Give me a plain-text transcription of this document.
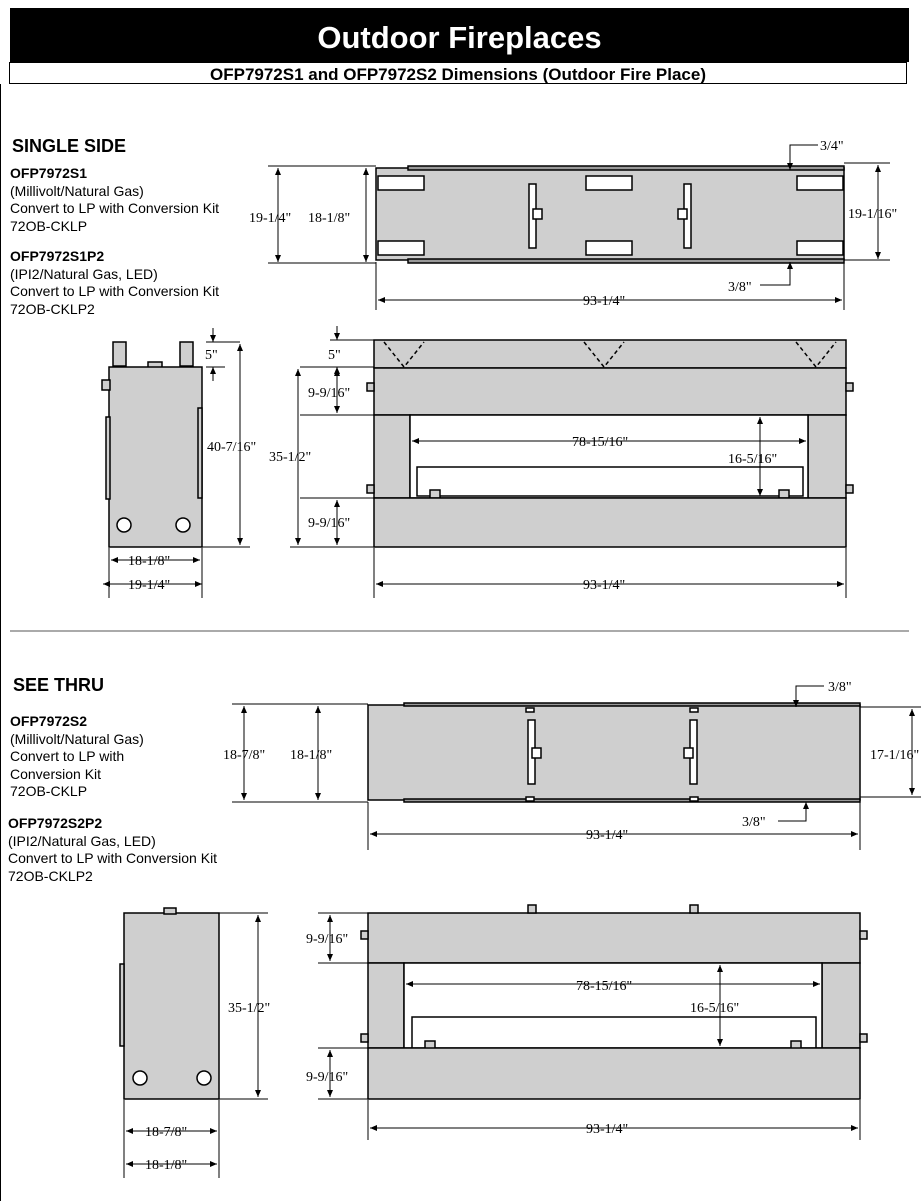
Outdoor Fireplaces
OFP7972S1 and OFP7972S2 Dimensions (Outdoor Fire Place)
SINGLE SIDE
OFP7972S1
(Millivolt/Natural Gas)
Convert to LP with Conversion Kit
72OB-CKLP
OFP7972S1P2
(IPI2/Natural Gas, LED)
Convert to LP with Conversion Kit
72OB-CKLP2
SEE THRU
OFP7972S2
(Millivolt/Natural Gas)
Convert to LP with
Conversion Kit
72OB-CKLP
OFP7972S2P2
(IPI2/Natural Gas, LED)
Convert to LP with Conversion Kit
72OB-CKLP2
3/4"
19-1/4" 18-1/8"	19-1/16"
3/8"
93-1/4"
5"
40-7/16"
18-1/8"
19-1/4"
5"
35-1/2"
9-9/16"
9-9/16"
78-15/16"
16-5/16"
93-1/4"
3/8"
18-7/8" 18-1/8"	17-1/16"
3/8"
93-1/4"
35-1/2"
18-7/8"
18-1/8"
9-9/16"
9-9/16"
78-15/16"
16-5/16"
93-1/4"
